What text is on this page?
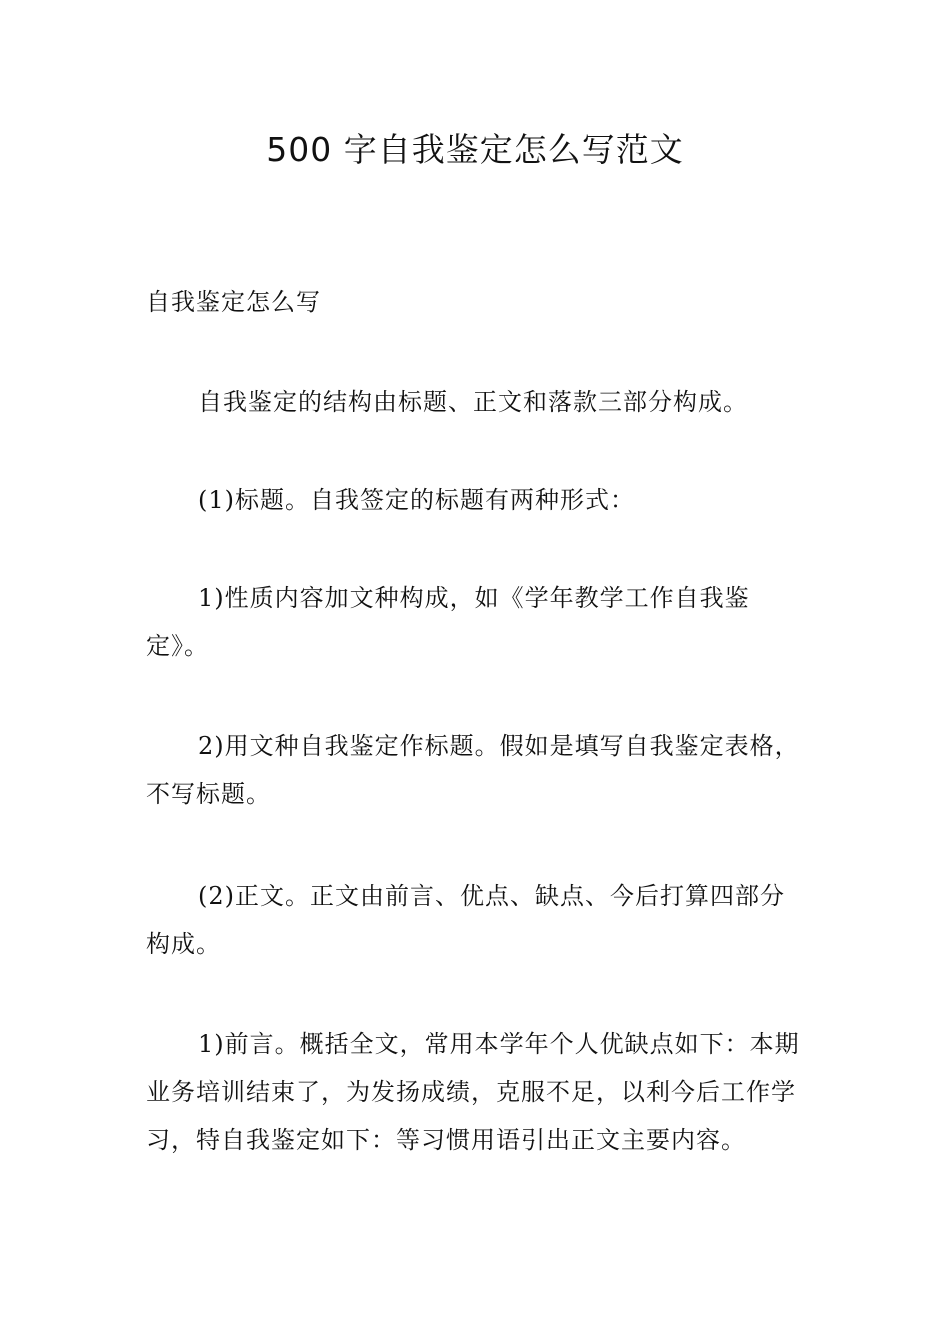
500 字自我鉴定怎么写范文

自我鉴定怎么写

自我鉴定的结构由标题、正文和落款三部分构成。

(1)标题。自我签定的标题有两种形式：

1)性质内容加文种构成，如《学年教学工作自我鉴定》。

2)用文种自我鉴定作标题。假如是填写自我鉴定表格，不写标题。

(2)正文。正文由前言、优点、缺点、今后打算四部分构成。

1)前言。概括全文，常用本学年个人优缺点如下：本期业务培训结束了，为发扬成绩，克服不足，以利今后工作学习，特自我鉴定如下：等习惯用语引出正文主要内容。
